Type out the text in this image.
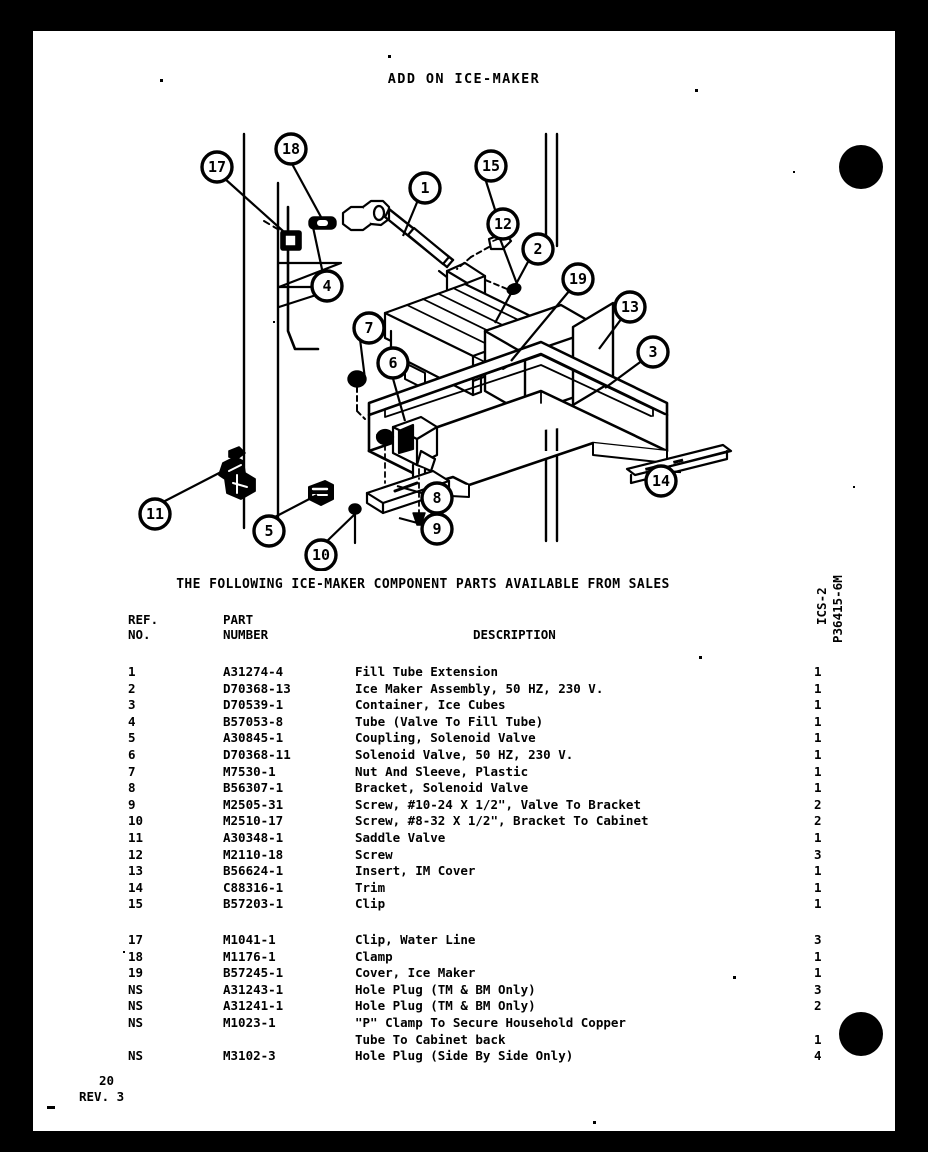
ADD ON ICE-MAKER
17
18
15
1
12
2
19
13
3
4
7
6
14
8
9
11
5
10
THE FOLLOWING ICE-MAKER COMPONENT PARTS AVAILABLE FROM SALES
REF.
NO.
PART
NUMBER	DESCRIPTION
1	A31274-4	Fill Tube Extension	1
2	D70368-13	Ice Maker Assembly, 50 HZ, 230 V.	1
3	D70539-1	Container, Ice Cubes	1
4	B57053-8	Tube (Valve To Fill Tube)	1
5	A30845-1	Coupling, Solenoid Valve	1
6	D70368-11	Solenoid Valve, 50 HZ, 230 V.	1
7	M7530-1	Nut And Sleeve, Plastic	1
8	B56307-1	Bracket, Solenoid Valve	1
9	M2505-31	Screw, #10-24 X 1/2", Valve To Bracket	2
10	M2510-17	Screw, #8-32 X 1/2", Bracket To Cabinet	2
11	A30348-1	Saddle Valve	1
12	M2110-18	Screw	3
13	B56624-1	Insert, IM Cover	1
14	C88316-1	Trim	1
15	B57203-1	Clip	1
17	M1041-1	Clip, Water Line	3
18	M1176-1	Clamp	1
19	B57245-1	Cover, Ice Maker	1
NS	A31243-1	Hole Plug (TM & BM Only)	3
NS	A31241-1	Hole Plug (TM & BM Only)	2
NS	M1023-1	"P" Clamp To Secure Household Copper
Tube To Cabinet back	1
NS	M3102-3	Hole Plug (Side By Side Only)	4
20
REV. 3
ICS-2 P36415-6M
